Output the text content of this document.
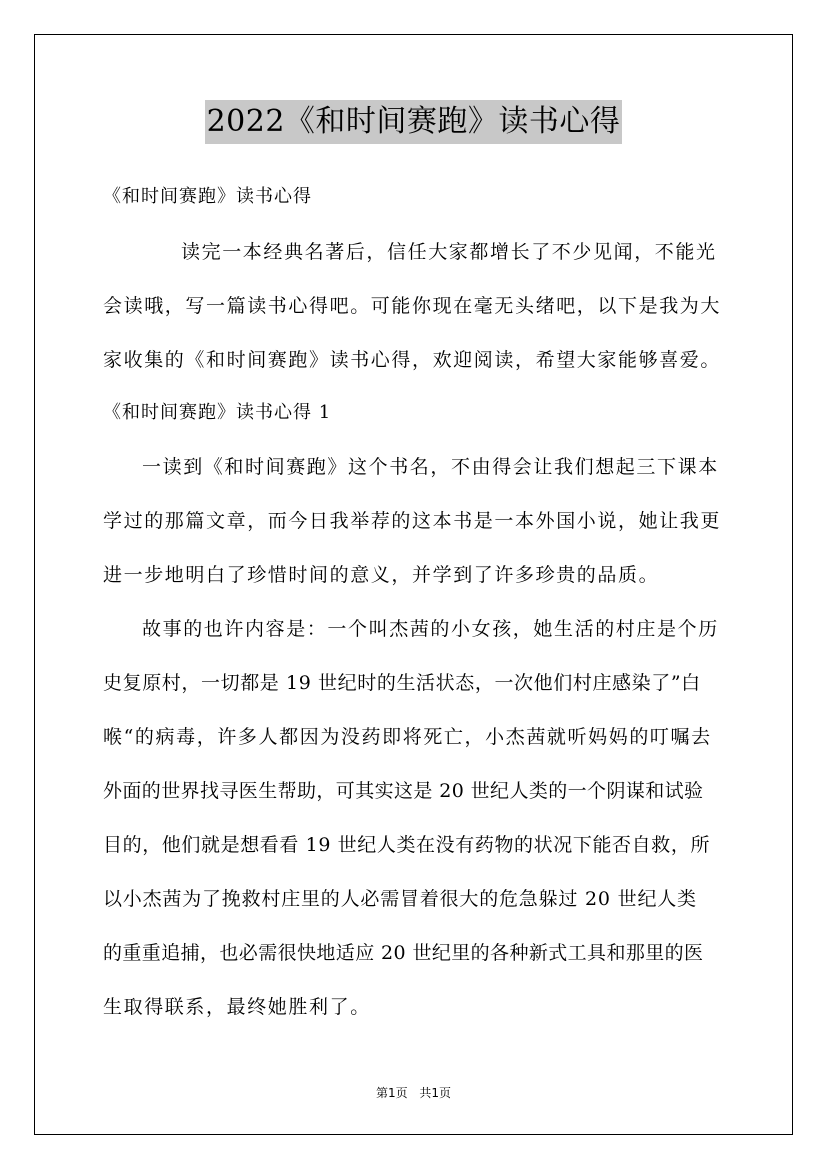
2022《和时间赛跑》读书心得
《和时间赛跑》读书心得
读完一本经典名著后，信任大家都增长了不少见闻，不能光
会读哦，写一篇读书心得吧。可能你现在毫无头绪吧，以下是我为大
家收集的《和时间赛跑》读书心得，欢迎阅读，希望大家能够喜爱。
《和时间赛跑》读书心得 1
一读到《和时间赛跑》这个书名，不由得会让我们想起三下课本
学过的那篇文章，而今日我举荐的这本书是一本外国小说，她让我更
进一步地明白了珍惜时间的意义，并学到了许多珍贵的品质。
故事的也许内容是：一个叫杰茜的小女孩，她生活的村庄是个历
史复原村，一切都是 19 世纪时的生活状态，一次他们村庄感染了”白
喉“的病毒，许多人都因为没药即将死亡，小杰茜就听妈妈的叮嘱去
外面的世界找寻医生帮助，可其实这是 20 世纪人类的一个阴谋和试验
目的，他们就是想看看 19 世纪人类在没有药物的状况下能否自救，所
以小杰茜为了挽救村庄里的人必需冒着很大的危急躲过 20 世纪人类
的重重追捕，也必需很快地适应 20 世纪里的各种新式工具和那里的医
生取得联系，最终她胜利了。
第1页 共1页
